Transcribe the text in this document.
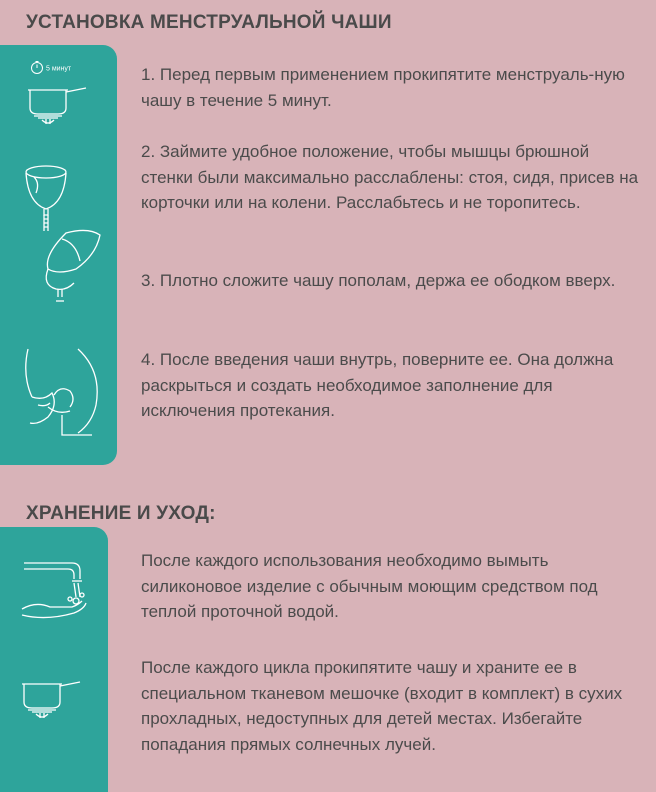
УСТАНОВКА МЕНСТРУАЛЬНОЙ ЧАШИ
5 минут	1. Перед первым применением прокипятите менструаль-ную чашу в течение 5 минут.

2. Займите удобное положение, чтобы мышцы брюшной стенки были максимально расслаблены: стоя, сидя, присев на корточки или на колени. Расслабьтесь и не торопитесь.

3. Плотно сложите чашу пополам, держа ее ободком вверх.

4. После введения чаши внутрь, поверните ее. Она должна раскрыться и создать необходимое заполнение для исключения протекания.

ХРАНЕНИЕ И УХОД:

После каждого использования необходимо вымыть силиконовое изделие с обычным моющим средством под теплой проточной водой.

После каждого цикла прокипятите чашу и храните ее в специальном тканевом мешочке (входит в комплект) в сухих прохладных, недоступных для детей местах. Избегайте попадания прямых солнечных лучей.
